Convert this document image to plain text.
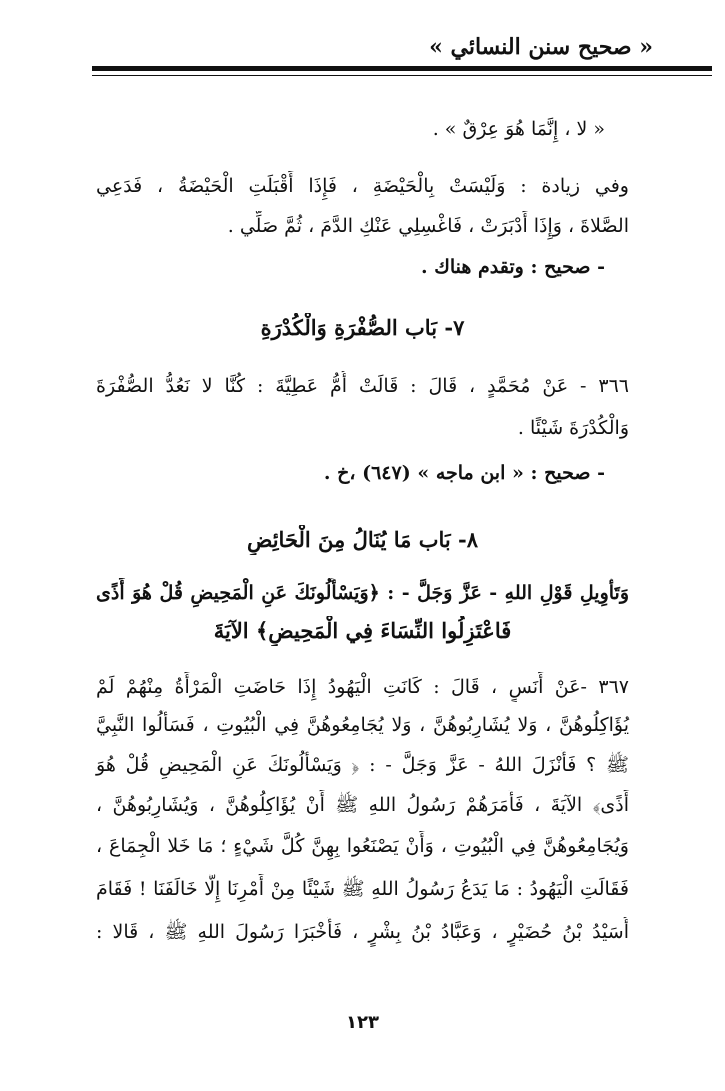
« صحيح سنن النسائي »
« لا ، إِنَّمَا هُوَ عِرْقٌ » .
وفي زيادة : وَلَيْسَتْ بِالْحَيْضَةِ ، فَإِذَا أَقْبَلَتِ الْحَيْضَةُ ، فَدَعِي
الصَّلاةَ ، وَإِذَا أَدْبَرَتْ ، فَاغْسِلِي عَنْكِ الدَّمَ ، ثُمَّ صَلِّي .
- صحيح : وتقدم هناك .
٧- بَاب الصُّفْرَةِ وَالْكُدْرَةِ
٣٦٦ - عَنْ مُحَمَّدٍ ، قَالَ : قَالَتْ أُمُّ عَطِيَّةَ : كُنَّا لا نَعُدُّ الصُّفْرَةَ
وَالْكُدْرَةَ شَيْئًا .
- صحيح : « ابن ماجه » (٦٤٧) ،خ .
٨- بَاب مَا يُنَالُ مِنَ الْحَائِضِ
وَتَأْوِيلِ قَوْلِ اللهِ - عَزَّ وَجَلَّ - : ﴿وَيَسْأَلُونَكَ عَنِ الْمَحِيضِ قُلْ هُوَ أَذًى
فَاعْتَزِلُوا النِّسَاءَ فِي الْمَحِيضِ﴾ الآيَةَ
٣٦٧ -عَنْ أَنَسٍ ، قَالَ : كَانَتِ الْيَهُودُ إِذَا حَاضَتِ الْمَرْأَةُ مِنْهُمْ لَمْ
يُؤَاكِلُوهُنَّ ، وَلا يُشَارِبُوهُنَّ ، وَلا يُجَامِعُوهُنَّ فِي الْبُيُوتِ ، فَسَأَلُوا النَّبِيَّ
ﷺ ؟ فَأَنْزَلَ اللهُ - عَزَّ وَجَلَّ - : ﴿ وَيَسْأَلُونَكَ عَنِ الْمَحِيضِ قُلْ هُوَ
أَذًى﴾ الآيَةَ ، فَأَمَرَهُمْ رَسُولُ اللهِ ﷺ أَنْ يُؤَاكِلُوهُنَّ ، وَيُشَارِبُوهُنَّ ،
وَيُجَامِعُوهُنَّ فِي الْبُيُوتِ ، وَأَنْ يَصْنَعُوا بِهِنَّ كُلَّ شَيْءٍ ؛ مَا خَلا الْجِمَاعَ ،
فَقَالَتِ الْيَهُودُ : مَا يَدَعُ رَسُولُ اللهِ ﷺ شَيْئًا مِنْ أَمْرِنَا إِلَّا خَالَفَنَا ! فَقَامَ
أُسَيْدُ بْنُ حُضَيْرٍ ، وَعَبَّادُ بْنُ بِشْرٍ ، فَأَخْبَرَا رَسُولَ اللهِ ﷺ ، قَالا :
١٢٣
